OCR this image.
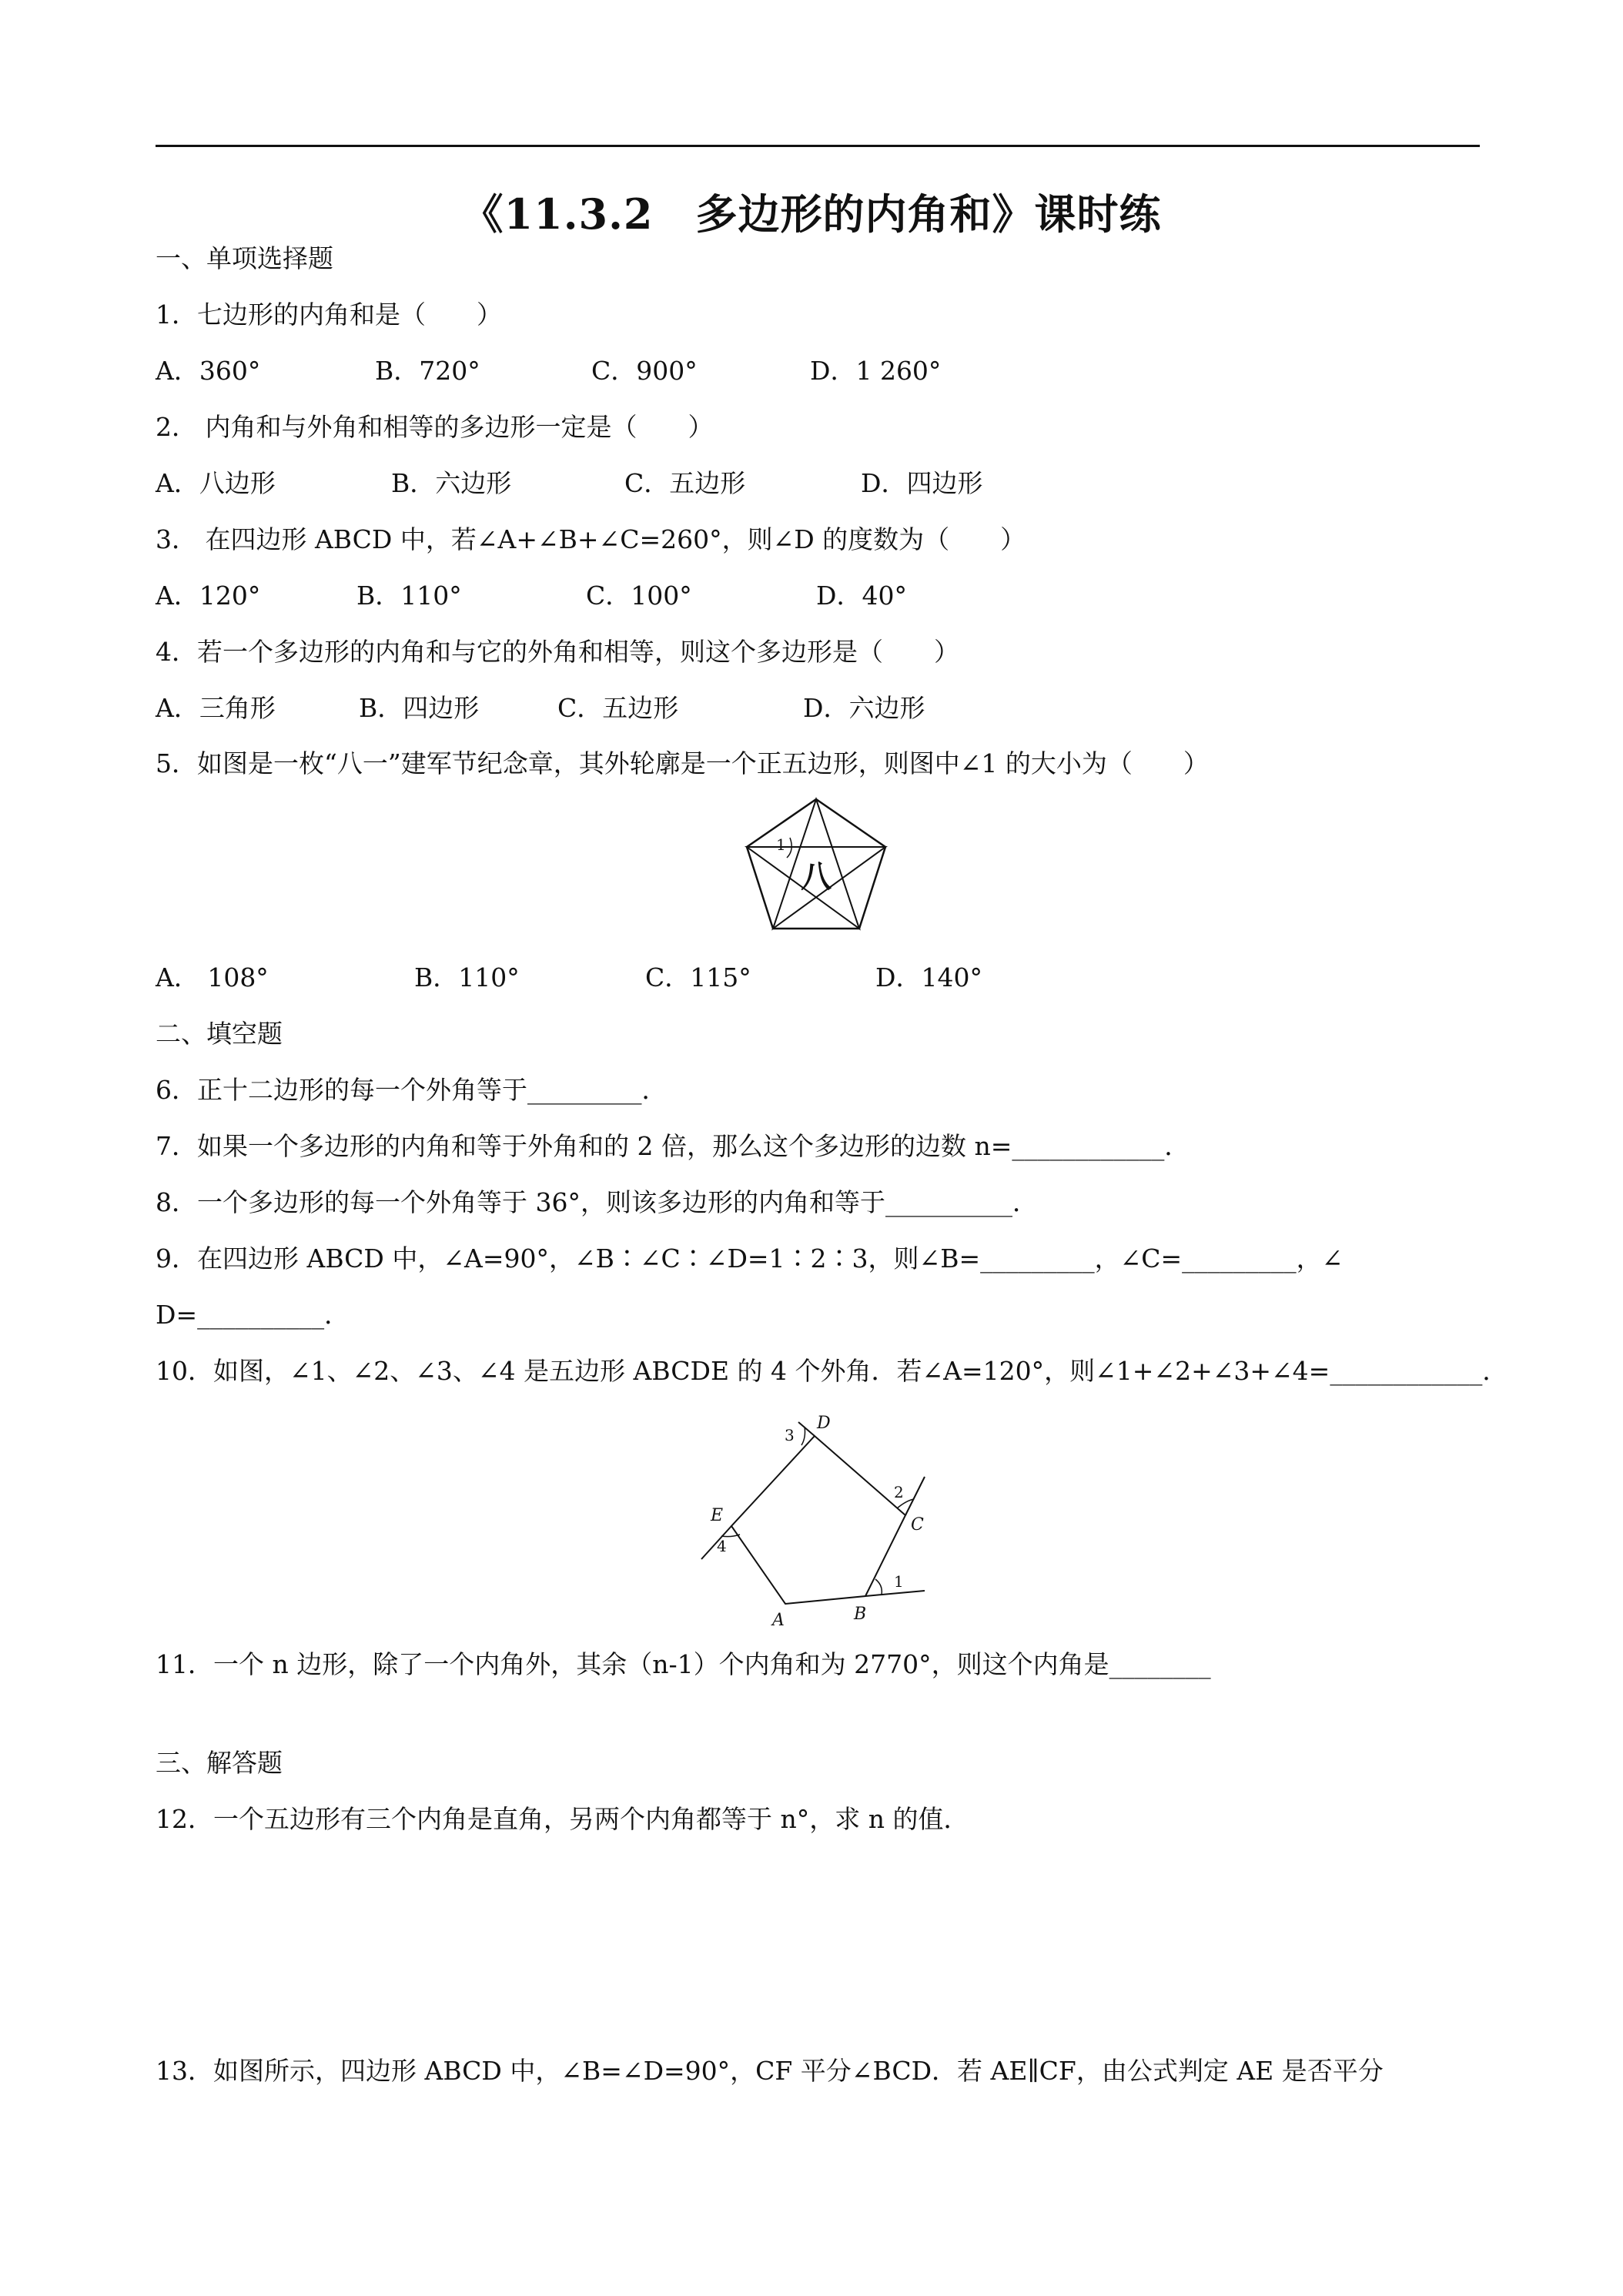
《11.3.2　多边形的内角和》课时练
一、单项选择题
1．七边形的内角和是（　　）
A．360°	B．720°	C．900°	D．1 260°
2． 内角和与外角和相等的多边形一定是（　　）
A．八边形	B．六边形	C．五边形	D．四边形
3． 在四边形 ABCD 中，若∠A+∠B+∠C=260°，则∠D 的度数为（　　）
A．120°	B．110°	C．100°	D．40°
4．若一个多边形的内角和与它的外角和相等，则这个多边形是（　　）
A．三角形	B．四边形	C．五边形	D．六边形
5．如图是一枚“八一”建军节纪念章，其外轮廓是一个正五边形，则图中∠1 的大小为（　　）
1
八
A． 108°	B．110°	C．115°	D．140°
二、填空题
6．正十二边形的每一个外角等于_________．
7．如果一个多边形的内角和等于外角和的 2 倍，那么这个多边形的边数 n=____________．
8．一个多边形的每一个外角等于 36°，则该多边形的内角和等于__________．
9．在四边形 ABCD 中，∠A=90°，∠B∶∠C∶∠D=1∶2∶3，则∠B=_________，∠C=_________，∠
D=__________．
10．如图，∠1、∠2、∠3、∠4 是五边形 ABCDE 的 4 个外角．若∠A=120°，则∠1+∠2+∠3+∠4=____________．
A	B
C
D
E
1
2
3
4
11．一个 n 边形，除了一个内角外，其余（n-1）个内角和为 2770°，则这个内角是________
三、解答题
12．一个五边形有三个内角是直角，另两个内角都等于 n°，求 n 的值．
13．如图所示，四边形 ABCD 中，∠B=∠D=90°，CF 平分∠BCD．若 AE∥CF，由公式判定 AE 是否平分
